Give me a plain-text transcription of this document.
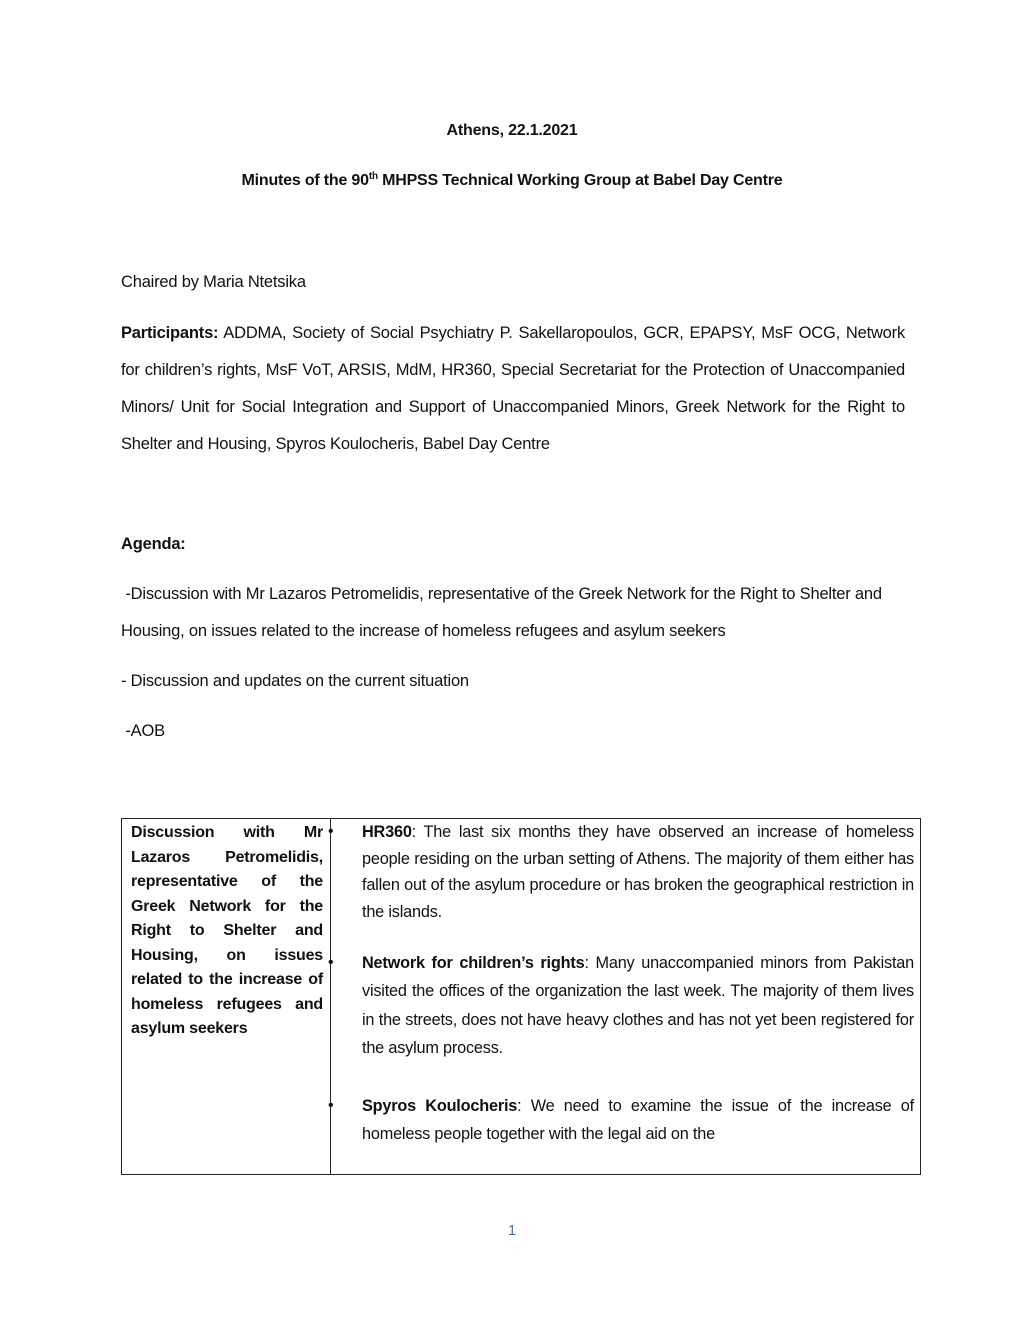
Athens, 22.1.2021
Minutes of the 90th MHPSS Technical Working Group at Babel Day Centre
Chaired by Maria Ntetsika
Participants: ADDMA, Society of Social Psychiatry P. Sakellaropoulos, GCR, EPAPSY, MsF OCG, Network for children’s rights, MsF VoT, ARSIS, MdM, HR360, Special Secretariat for the Protection of Unaccompanied Minors/ Unit for Social Integration and Support of Unaccompanied Minors, Greek Network for the Right to Shelter and Housing, Spyros Koulocheris, Babel Day Centre
Agenda:
-Discussion with Mr Lazaros Petromelidis, representative of the Greek Network for the Right to Shelter and Housing, on issues related to the increase of homeless refugees and asylum seekers
- Discussion and updates on the current situation
-AOB
Discussion with Mr Lazaros Petromelidis, representative of the Greek Network for the Right to Shelter and Housing, on issues related to the increase of homeless refugees and asylum seekers

• HR360: The last six months they have observed an increase of homeless people residing on the urban setting of Athens. The majority of them either has fallen out of the asylum procedure or has broken the geographical restriction in the islands.

• Network for children’s rights: Many unaccompanied minors from Pakistan visited the offices of the organization the last week. The majority of them lives in the streets, does not have heavy clothes and has not yet been registered for the asylum process.

• Spyros Koulocheris: We need to examine the issue of the increase of homeless people together with the legal aid on the

1
